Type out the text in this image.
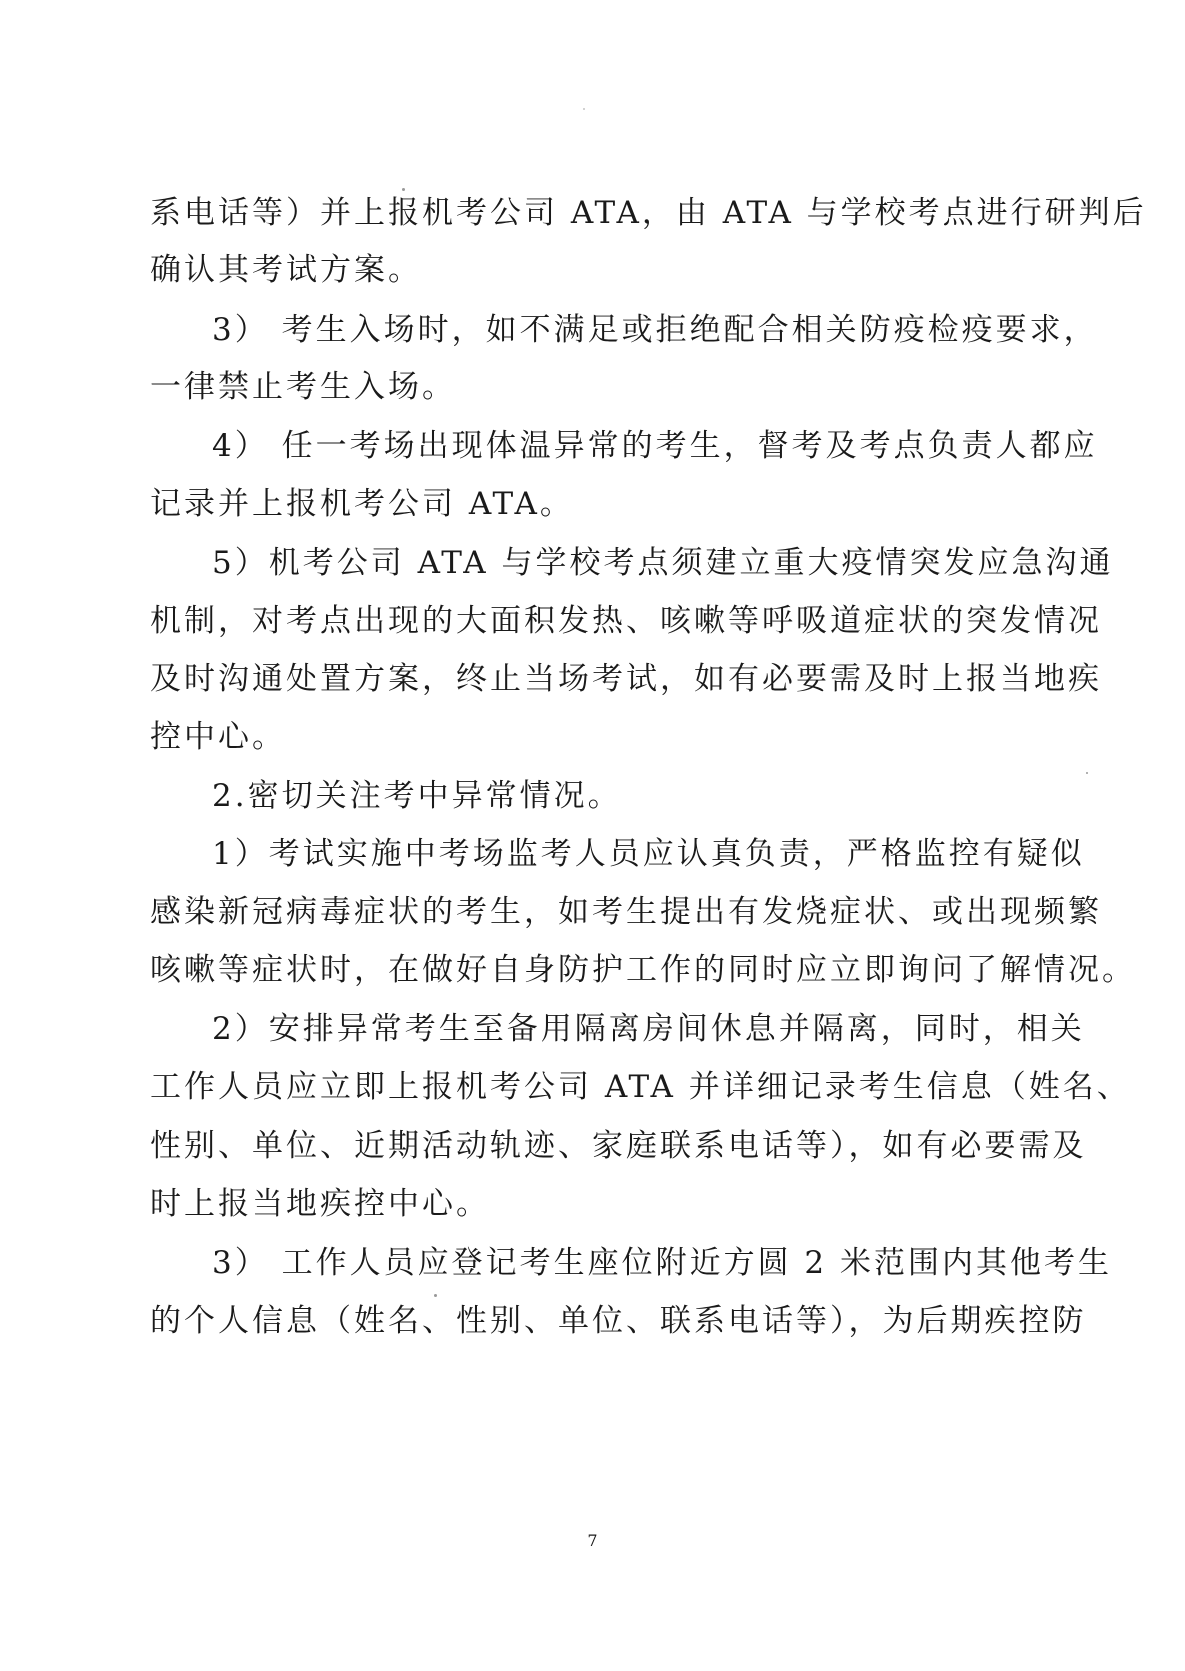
系电话等）并上报机考公司 ATA，由 ATA 与学校考点进行研判后
确认其考试方案。
3） 考生入场时，如不满足或拒绝配合相关防疫检疫要求，
一律禁止考生入场。
4） 任一考场出现体温异常的考生，督考及考点负责人都应
记录并上报机考公司 ATA。
5）机考公司 ATA 与学校考点须建立重大疫情突发应急沟通
机制，对考点出现的大面积发热、咳嗽等呼吸道症状的突发情况
及时沟通处置方案，终止当场考试，如有必要需及时上报当地疾
控中心。
2.密切关注考中异常情况。
1）考试实施中考场监考人员应认真负责，严格监控有疑似
感染新冠病毒症状的考生，如考生提出有发烧症状、或出现频繁
咳嗽等症状时，在做好自身防护工作的同时应立即询问了解情况。
2）安排异常考生至备用隔离房间休息并隔离，同时，相关
工作人员应立即上报机考公司 ATA 并详细记录考生信息（姓名、
性别、单位、近期活动轨迹、家庭联系电话等），如有必要需及
时上报当地疾控中心。
3） 工作人员应登记考生座位附近方圆 2 米范围内其他考生
的个人信息（姓名、性别、单位、联系电话等），为后期疾控防
7
